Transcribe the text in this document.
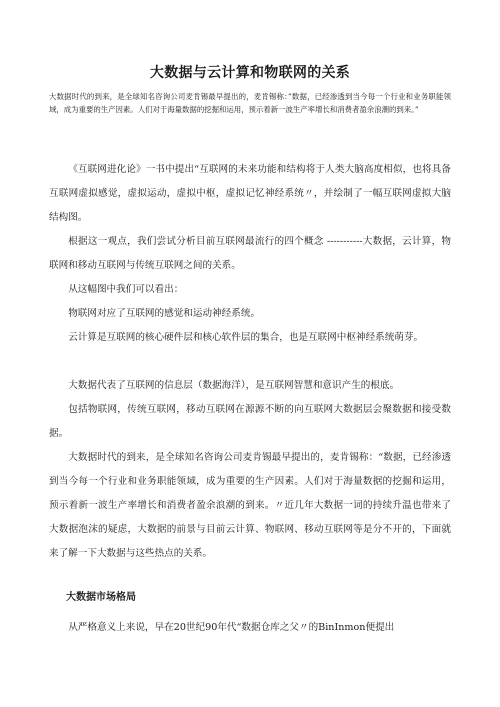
大数据与云计算和物联网的关系

大数据时代的到来，是全球知名咨询公司麦肯锡最早提出的，麦肯锡称：”数据，已经渗透到当今每一个行业和业务职能领域，成为重要的生产因素。人们对于海量数据的挖掘和运用，预示着新一波生产率增长和消费者盈余浪潮的到来。”

《互联网进化论》一书中提出“互联网的未来功能和结构将于人类大脑高度相似，也将具备互联网虚拟感觉，虚拟运动，虚拟中枢，虚拟记忆神经系统〃，并绘制了一幅互联网虚拟大脑结构图。

根据这一观点，我们尝试分析目前互联网最流行的四个概念 -----------大数据，云计算，物联网和移动互联网与传统互联网之间的关系。

从这幅图中我们可以看出：

物联网对应了互联网的感觉和运动神经系统。

云计算是互联网的核心硬件层和核心软件层的集合，也是互联网中枢神经系统萌芽。

大数据代表了互联网的信息层（数据海洋），是互联网智慧和意识产生的根底。

包括物联网，传统互联网，移动互联网在源源不断的向互联网大数据层会聚数据和接受数据。

大数据时代的到来，是全球知名咨询公司麦肯锡最早提出的，麦肯锡称：“数据，已经渗透到当今每一个行业和业务职能领域，成为重要的生产因素。人们对于海量数据的挖掘和运用，预示着新一波生产率增长和消费者盈余浪潮的到来。〃近几年大数据一词的持续升温也带来了大数据泡沫的疑虑，大数据的前景与目前云计算、物联网、移动互联网等是分不开的，下面就来了解一下大数据与这些热点的关系。

大数据市场格局

从严格意义上来说，早在20世纪90年代“数据仓库之父〃的BinInmon便提出
